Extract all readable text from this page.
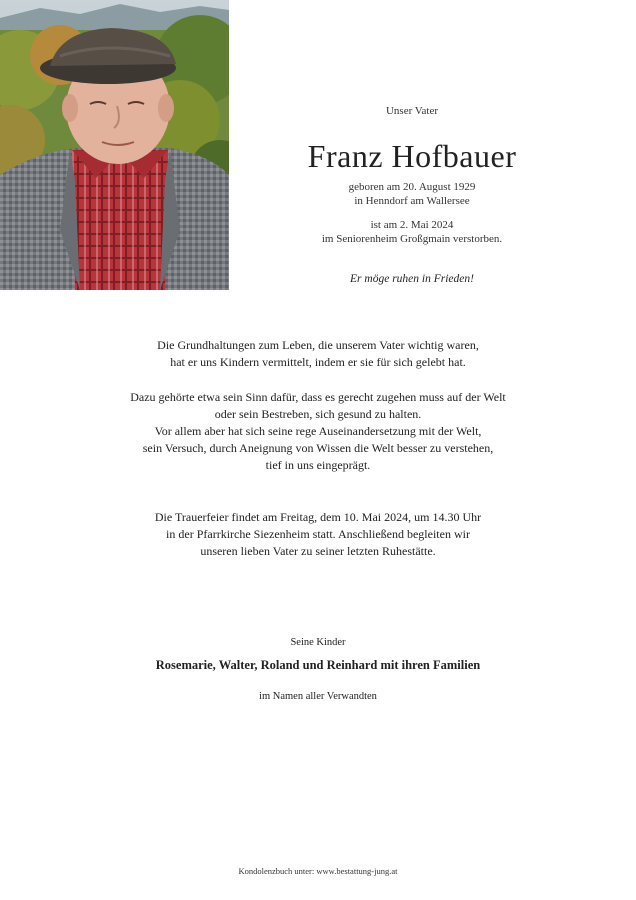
Unser Vater

Franz Hofbauer

geboren am 20. August 1929

in Henndorf am Wallersee

ist am 2. Mai 2024

im Seniorenheim Großgmain verstorben.

Er möge ruhen in Frieden!

Die Grundhaltungen zum Leben, die unserem Vater wichtig waren,

hat er uns Kindern vermittelt, indem er sie für sich gelebt hat.

Dazu gehörte etwa sein Sinn dafür, dass es gerecht zugehen muss auf der Welt

oder sein Bestreben, sich gesund zu halten.

Vor allem aber hat sich seine rege Auseinandersetzung mit der Welt,

sein Versuch, durch Aneignung von Wissen die Welt besser zu verstehen,

tief in uns eingeprägt.

Die Trauerfeier findet am Freitag, dem 10. Mai 2024, um 14.30 Uhr

in der Pfarrkirche Siezenheim statt. Anschließend begleiten wir

unseren lieben Vater zu seiner letzten Ruhestätte.

Seine Kinder

Rosemarie, Walter, Roland und Reinhard mit ihren Familien

im Namen aller Verwandten

Kondolenzbuch unter: www.bestattung-jung.at
